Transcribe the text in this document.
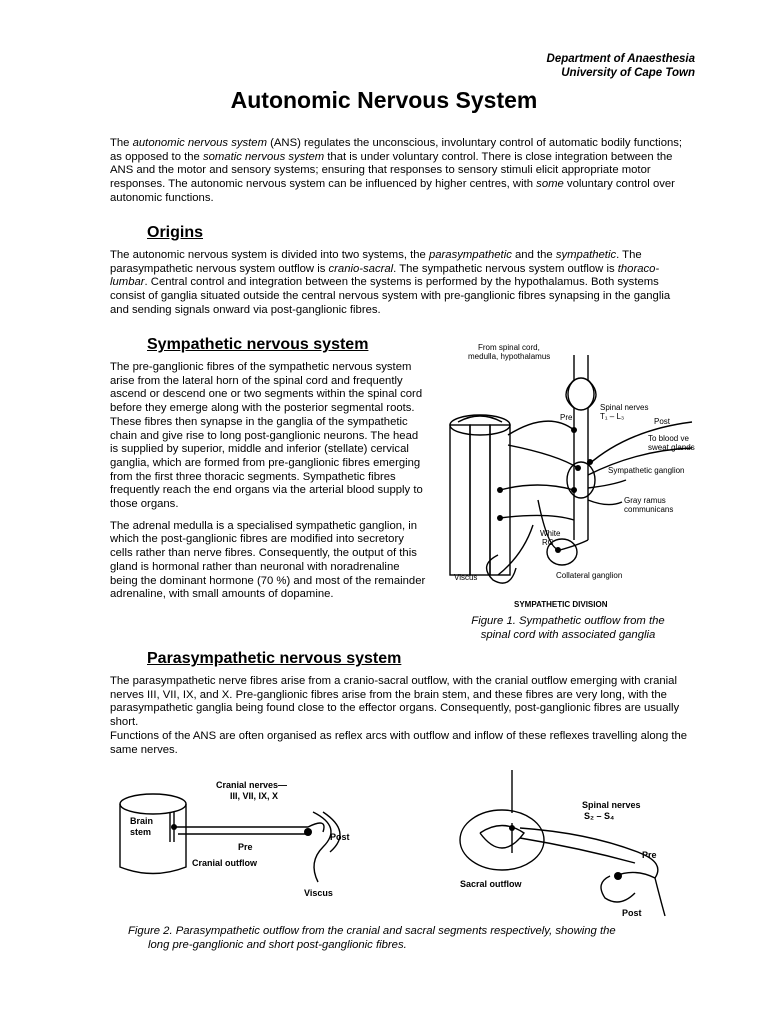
Department of Anaesthesia
University of Cape Town
Autonomic Nervous System
The autonomic nervous system (ANS) regulates the unconscious, involuntary control of automatic bodily functions; as opposed to the somatic nervous system that is under voluntary control. There is close integration between the ANS and the motor and sensory systems; ensuring that responses to sensory stimuli elicit appropriate motor responses. The autonomic nervous system can be influenced by higher centres, with some voluntary control over autonomic functions.
Origins
The autonomic nervous system is divided into two systems, the parasympathetic and the sympathetic. The parasympathetic nervous system outflow is cranio-sacral. The sympathetic nervous system outflow is thoraco-lumbar. Central control and integration between the systems is performed by the hypothalamus. Both systems consist of ganglia situated outside the central nervous system with pre-ganglionic fibres synapsing in the ganglia and sending signals onward via post-ganglionic fibres.
Sympathetic nervous system

The pre-ganglionic fibres of the sympathetic nervous system arise from the lateral horn of the spinal cord and frequently ascend or descend one or two segments within the spinal cord before they emerge along with the posterior segmental roots. These fibres then synapse in the ganglia of the sympathetic chain and give rise to long post-ganglionic neurons. The head is supplied by superior, middle and inferior (stellate) cervical ganglia, which are formed from pre-ganglionic fibres emerging from the first three thoracic segments. Sympathetic fibres frequently reach the end organs via the arterial blood supply to those organs.

The adrenal medulla is a specialised sympathetic ganglion, in which the post-ganglionic fibres are modified into secretory cells rather than nerve fibres. Consequently, the output of this gland is hormonal rather than neuronal with noradrenaline being the dominant hormone (70 %) and most of the remainder adrenaline, with small amounts of dopamine.

From spinal cord,
medulla, hypothalamus
Pre
Spinal nerves
T₁ – L₃
Post
To blood ve
sweat glands
Sympathetic ganglion
Gray ramus
communicans
White
RC
Viscus	Collateral ganglion
SYMPATHETIC DIVISION
Figure 1. Sympathetic outflow from the
spinal cord with associated ganglia
Parasympathetic nervous system

The parasympathetic nerve fibres arise from a cranio-sacral outflow, with the cranial outflow emerging with cranial nerves III, VII, IX, and X. Pre-ganglionic fibres arise from the brain stem, and these fibres are very long, with the parasympathetic ganglia being found close to the effector organs. Consequently, post-ganglionic fibres are usually short.

Functions of the ANS are often organised as reflex arcs with outflow and inflow of these reflexes travelling along the same nerves.

Cranial nerves—
III, VII, IX, X
Brain
stem	Post
Pre
Cranial outflow
Viscus
Spinal nerves
S₂ – S₄
Pre
Sacral outflow
Post
Figure 2. Parasympathetic outflow from the cranial and sacral segments respectively, showing the
long pre-ganglionic and short post-ganglionic fibres.
